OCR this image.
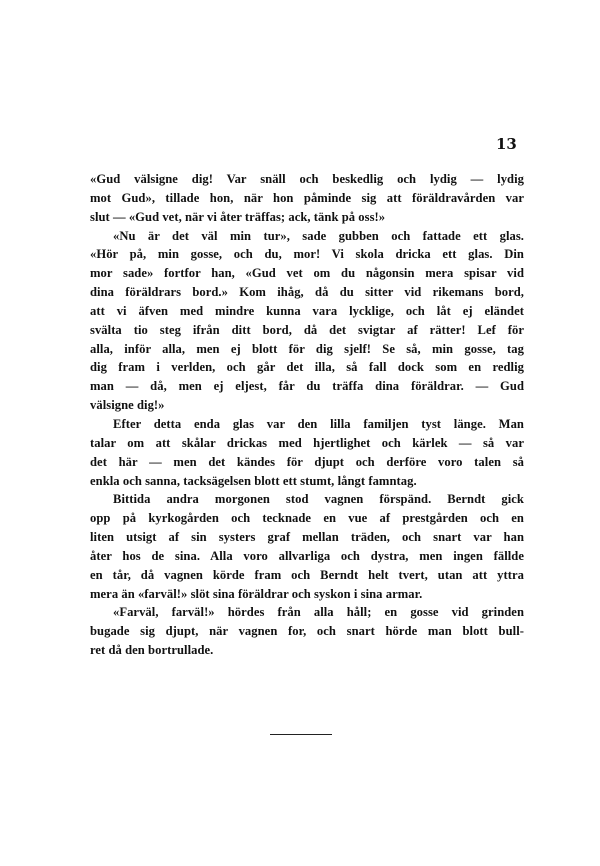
13
«Gud välsigne dig! Var snäll och beskedlig och lydig — lydig
mot Gud», tillade hon, när hon påminde sig att föräldravården var
slut — «Gud vet, när vi åter träffas; ack, tänk på oss!»
«Nu är det väl min tur», sade gubben och fattade ett glas.
«Hör på, min gosse, och du, mor! Vi skola dricka ett glas. Din
mor sade» fortfor han, «Gud vet om du någonsin mera spisar vid
dina föräldrars bord.» Kom ihåg, då du sitter vid rikemans bord,
att vi äfven med mindre kunna vara lycklige, och låt ej eländet
svälta tio steg ifrån ditt bord, då det svigtar af rätter! Lef för
alla, inför alla, men ej blott för dig sjelf! Se så, min gosse, tag
dig fram i verlden, och går det illa, så fall dock som en redlig
man — då, men ej eljest, får du träffa dina föräldrar. — Gud
välsigne dig!»
Efter detta enda glas var den lilla familjen tyst länge. Man
talar om att skålar drickas med hjertlighet och kärlek — så var
det här — men det kändes för djupt och derföre voro talen så
enkla och sanna, tacksägelsen blott ett stumt, långt famntag.
Bittida andra morgonen stod vagnen förspänd. Berndt gick
opp på kyrkogården och tecknade en vue af prestgården och en
liten utsigt af sin systers graf mellan träden, och snart var han
åter hos de sina. Alla voro allvarliga och dystra, men ingen fällde
en tår, då vagnen körde fram och Berndt helt tvert, utan att yttra
mera än «farväl!» slöt sina föräldrar och syskon i sina armar.
«Farväl, farväl!» hördes från alla håll; en gosse vid grinden
bugade sig djupt, när vagnen for, och snart hörde man blott bull-
ret då den bortrullade.
